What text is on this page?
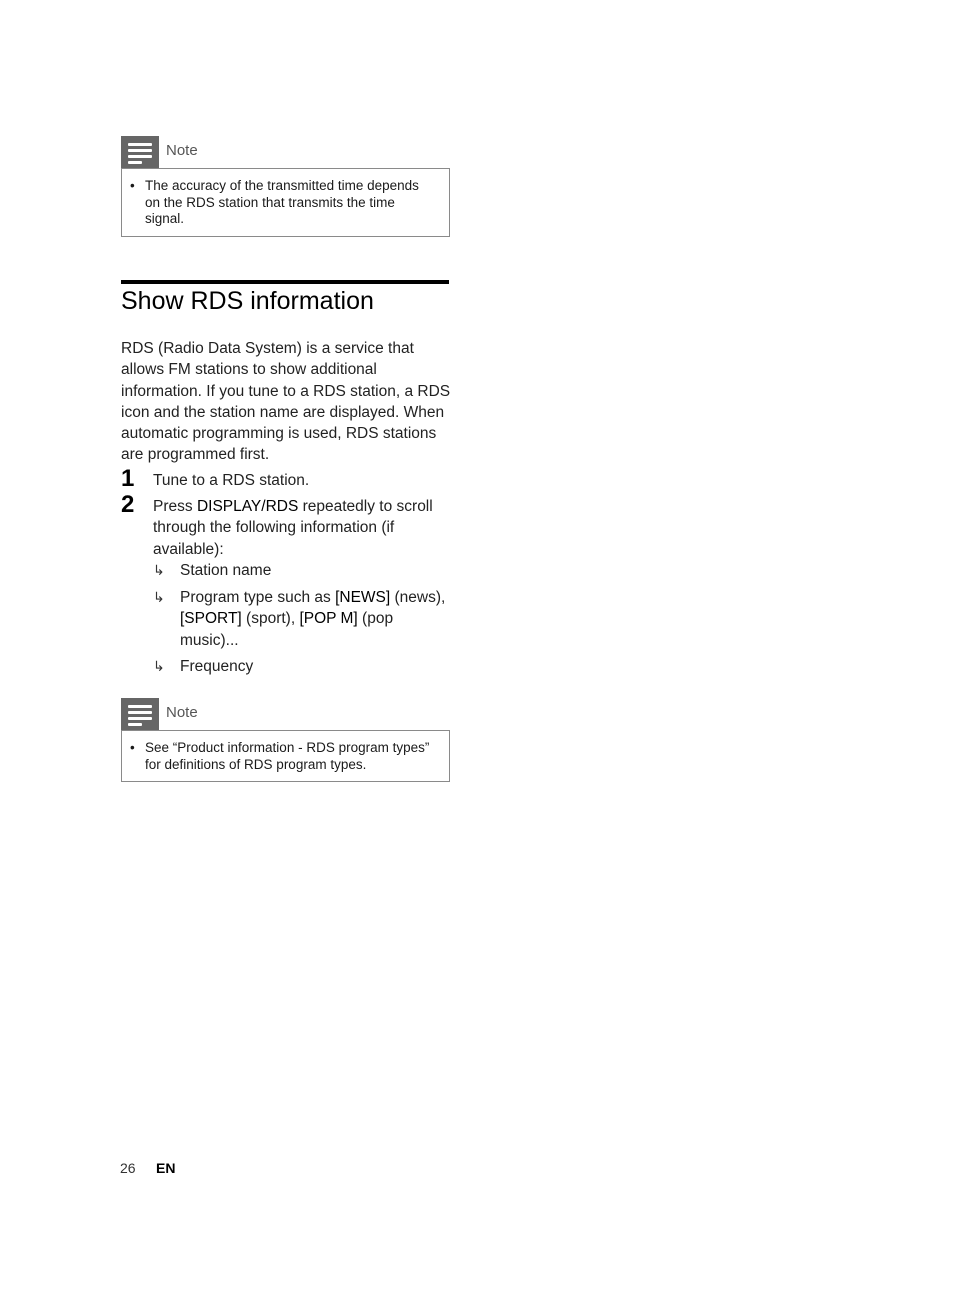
Note
• The accuracy of the transmitted time depends on the RDS station that transmits the time signal.
Show RDS information

RDS (Radio Data System) is a service that allows FM stations to show additional information. If you tune to a RDS station, a RDS icon and the station name are displayed. When automatic programming is used, RDS stations are programmed first.

1 Tune to a RDS station.
2 Press DISPLAY/RDS repeatedly to scroll through the following information (if available):
↳ Station name
↳ Program type such as [NEWS] (news), [SPORT] (sport), [POP M] (pop music)...
↳ Frequency
Note
• See “Product information - RDS program types” for definitions of RDS program types.
26 EN
